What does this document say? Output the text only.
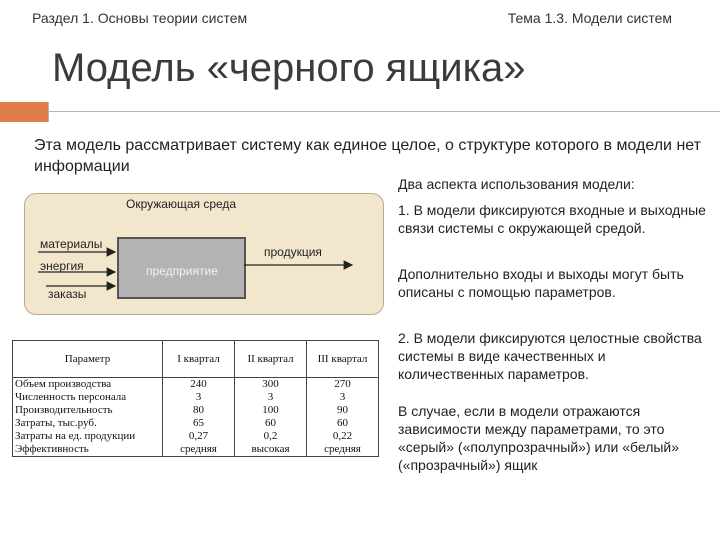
Раздел 1. Основы теории систем	Тема 1.3. Модели систем
Модель «черного ящика»
Эта модель рассматривает систему как единое целое, о структуре которого в модели нет информации
Окружающая среда
материалы
энергия
заказы
предприятие
продукция
Параметр	I квартал	II квартал	III квартал
Объем производства	240	300	270
Численность персонала	3	3	3
Производительность	80	100	90
Затраты, тыс.руб.	65	60	60
Затраты на ед. продукции	0,27	0,2	0,22
Эффективность	средняя	высокая	средняя
Два аспекта использования модели:
1. В модели фиксируются входные и выходные связи системы с окружающей средой.
Дополнительно входы и выходы могут быть описаны с помощью параметров.
2. В модели фиксируются целостные свойства системы в виде качественных и количественных параметров.
В случае, если в модели отражаются зависимости между параметрами, то это «серый» («полупрозрачный») или «белый» («прозрачный») ящик
